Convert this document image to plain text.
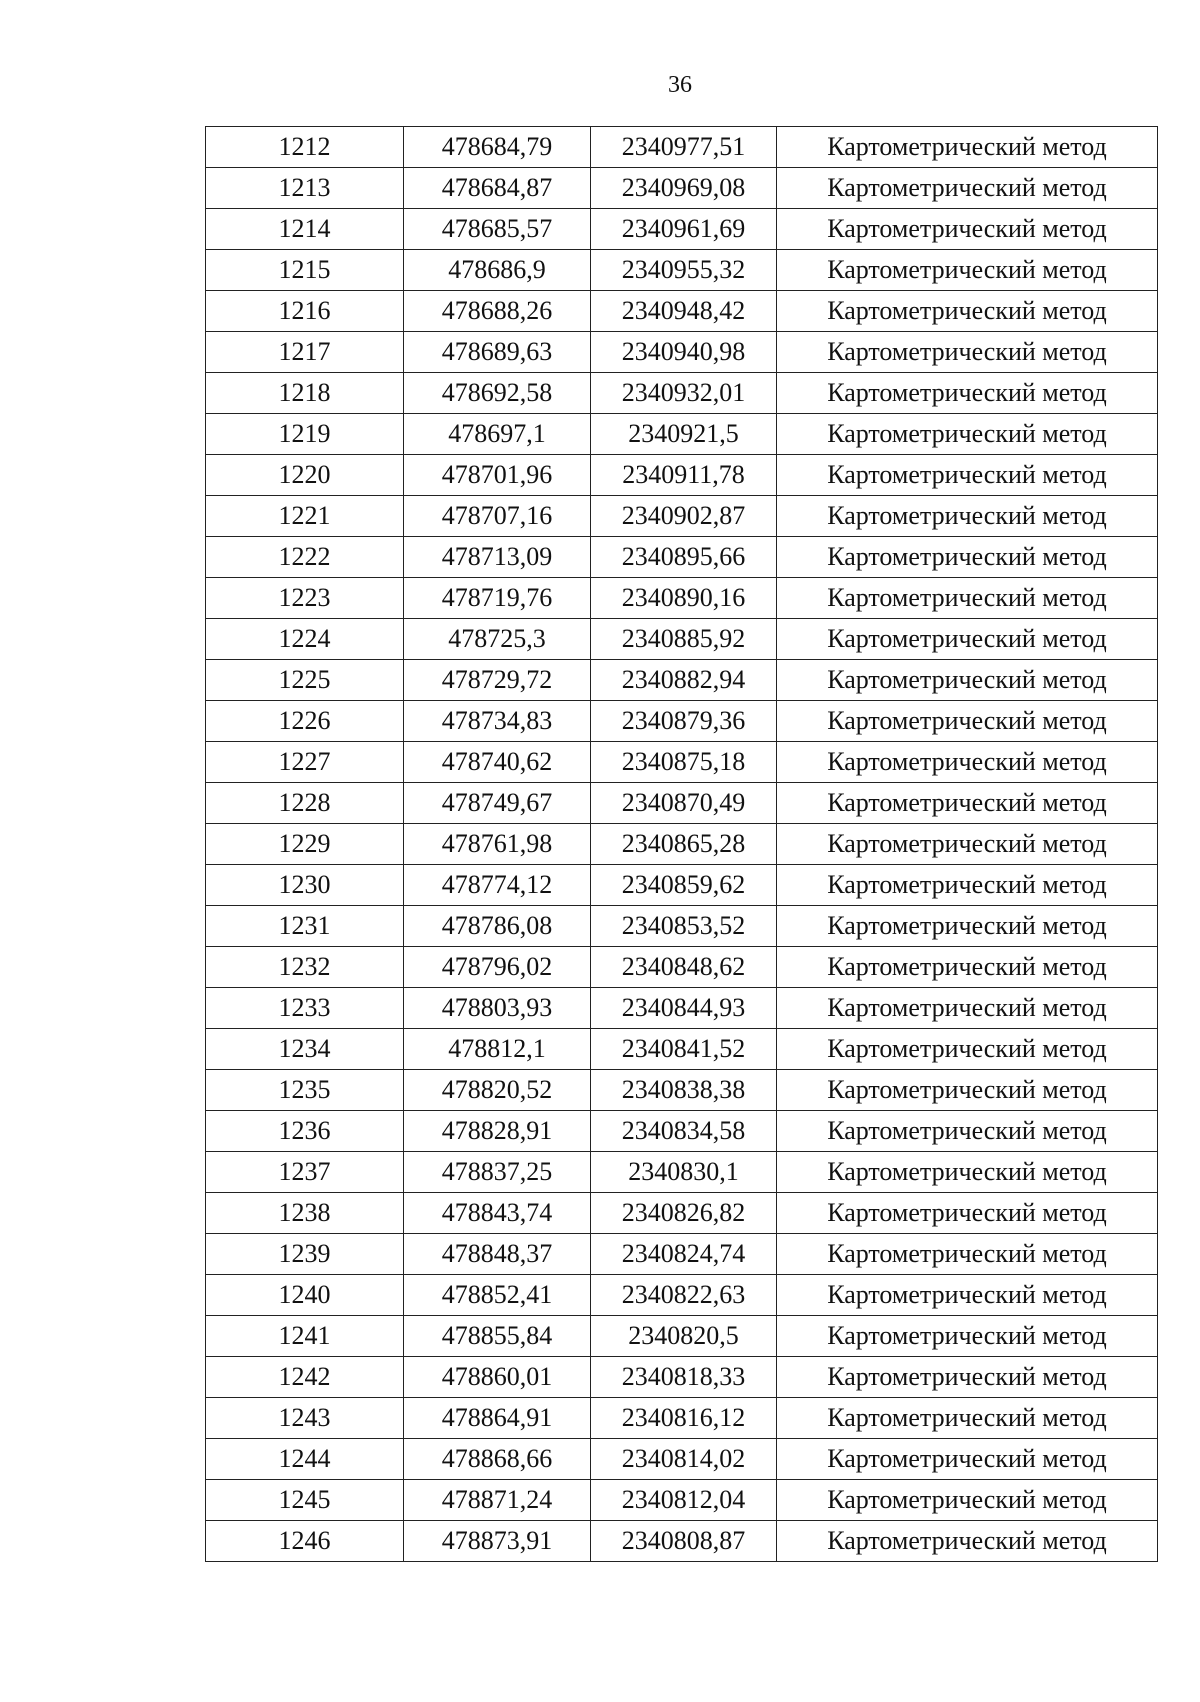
36
1212	478684,79	2340977,51	Картометрический метод
1213	478684,87	2340969,08	Картометрический метод
1214	478685,57	2340961,69	Картометрический метод
1215	478686,9	2340955,32	Картометрический метод
1216	478688,26	2340948,42	Картометрический метод
1217	478689,63	2340940,98	Картометрический метод
1218	478692,58	2340932,01	Картометрический метод
1219	478697,1	2340921,5	Картометрический метод
1220	478701,96	2340911,78	Картометрический метод
1221	478707,16	2340902,87	Картометрический метод
1222	478713,09	2340895,66	Картометрический метод
1223	478719,76	2340890,16	Картометрический метод
1224	478725,3	2340885,92	Картометрический метод
1225	478729,72	2340882,94	Картометрический метод
1226	478734,83	2340879,36	Картометрический метод
1227	478740,62	2340875,18	Картометрический метод
1228	478749,67	2340870,49	Картометрический метод
1229	478761,98	2340865,28	Картометрический метод
1230	478774,12	2340859,62	Картометрический метод
1231	478786,08	2340853,52	Картометрический метод
1232	478796,02	2340848,62	Картометрический метод
1233	478803,93	2340844,93	Картометрический метод
1234	478812,1	2340841,52	Картометрический метод
1235	478820,52	2340838,38	Картометрический метод
1236	478828,91	2340834,58	Картометрический метод
1237	478837,25	2340830,1	Картометрический метод
1238	478843,74	2340826,82	Картометрический метод
1239	478848,37	2340824,74	Картометрический метод
1240	478852,41	2340822,63	Картометрический метод
1241	478855,84	2340820,5	Картометрический метод
1242	478860,01	2340818,33	Картометрический метод
1243	478864,91	2340816,12	Картометрический метод
1244	478868,66	2340814,02	Картометрический метод
1245	478871,24	2340812,04	Картометрический метод
1246	478873,91	2340808,87	Картометрический метод
